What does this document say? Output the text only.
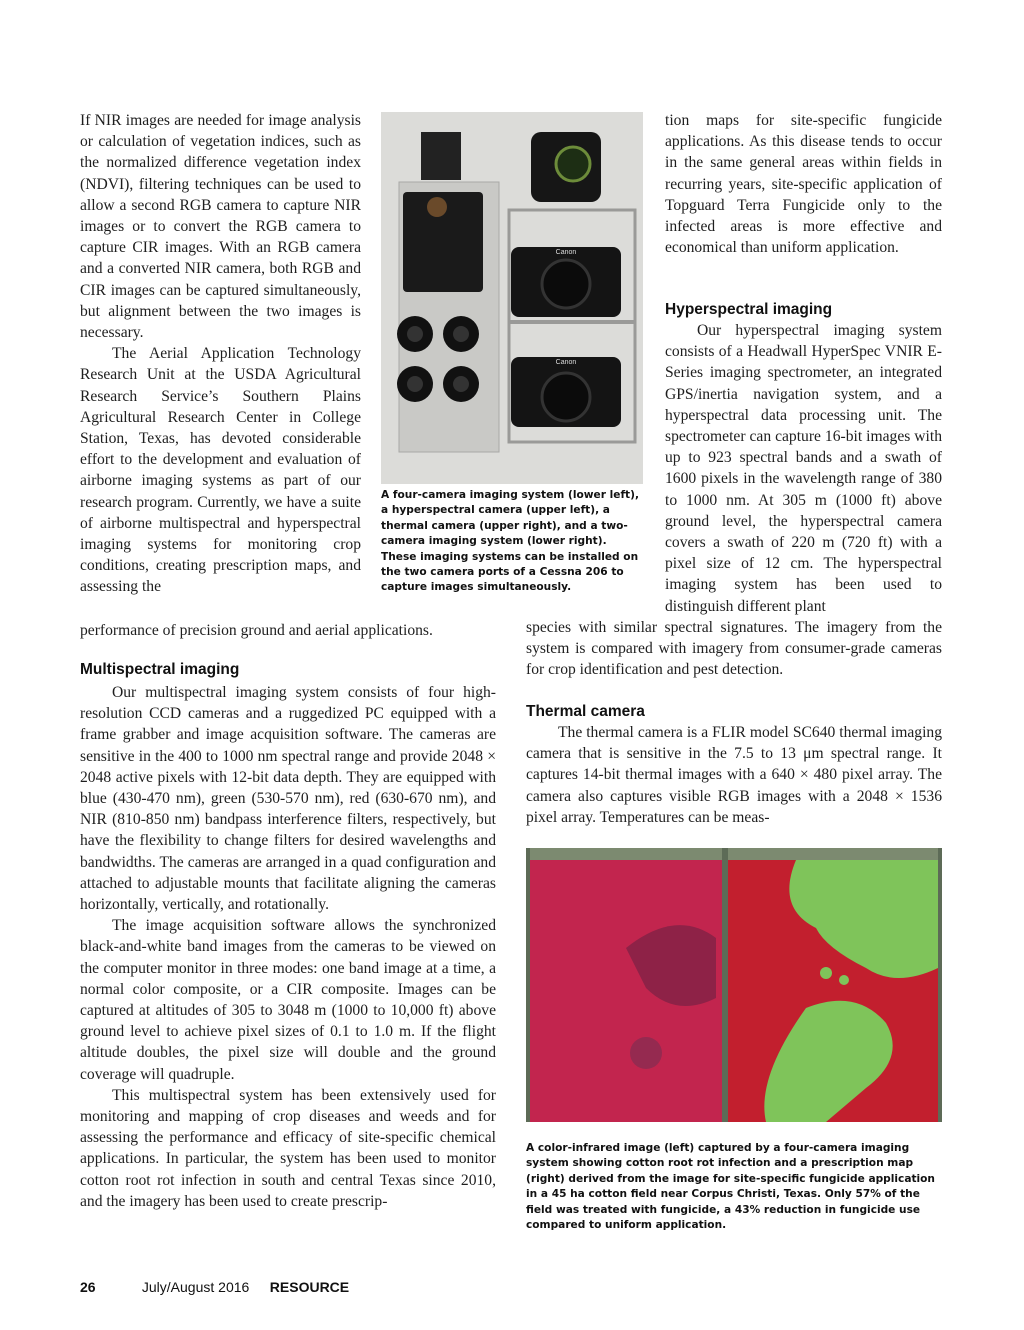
If NIR images are needed for image analysis or calculation of vegetation indices, such as the normalized difference vegetation index (NDVI), filtering techniques can be used to allow a second RGB camera to capture NIR images or to convert the RGB camera to capture CIR images. With an RGB camera and a converted NIR camera, both RGB and CIR images can be captured simultaneously, but alignment between the two images is necessary.

The Aerial Application Technology Research Unit at the USDA Agricultural Research Service’s Southern Plains Agricultural Research Center in College Station, Texas, has devoted considerable effort to the development and evaluation of airborne imaging systems as part of our research program. Currently, we have a suite of airborne multispectral and hyperspectral imaging systems for monitoring crop conditions, creating prescription maps, and assessing the

performance of precision ground and aerial applications.
Canon
Canon
A four-camera imaging system (lower left), a hyperspectral camera (upper left), a thermal camera (upper right), and a two-camera imaging system (lower right). These imaging systems can be installed on the two camera ports of a Cessna 206 to capture images simultaneously.

tion maps for site-specific fungicide applications. As this disease tends to occur in the same general areas within fields in recurring years, site-specific application of Topguard Terra Fungicide only to the infected areas is more effective and economical than uniform application.

Hyperspectral imaging

Our hyperspectral imaging system consists of a Headwall HyperSpec VNIR E-Series imaging spectrometer, an integrated GPS/inertia navigation system, and a hyperspectral data processing unit. The spectrometer can capture 16-bit images with up to 923 spectral bands and a swath of 1600 pixels in the wavelength range of 380 to 1000 nm. At 305 m (1000 ft) above ground level, the hyperspectral camera covers a swath of 220 m (720 ft) with a pixel size of 12 cm. The hyperspectral imaging system has been used to distinguish different plant

species with similar spectral signatures. The imagery from the system is compared with imagery from consumer-grade cameras for crop identification and pest detection.
Multispectral imaging

Our multispectral imaging system consists of four high-resolution CCD cameras and a ruggedized PC equipped with a frame grabber and image acquisition software. The cameras are sensitive in the 400 to 1000 nm spectral range and provide 2048 × 2048 active pixels with 12-bit data depth. They are equipped with blue (430-470 nm), green (530-570 nm), red (630-670 nm), and NIR (810-850 nm) bandpass interference filters, respectively, but have the flexibility to change filters for desired wavelengths and bandwidths. The cameras are arranged in a quad configuration and attached to adjustable mounts that facilitate aligning the cameras horizontally, vertically, and rotationally.

The image acquisition software allows the synchronized black-and-white band images from the cameras to be viewed on the computer monitor in three modes: one band image at a time, a normal color composite, or a CIR composite. Images can be captured at altitudes of 305 to 3048 m (1000 to 10,000 ft) above ground level to achieve pixel sizes of 0.1 to 1.0 m. If the flight altitude doubles, the pixel size will double and the ground coverage will quadruple.

This multispectral system has been extensively used for monitoring and mapping of crop diseases and weeds and for assessing the performance and efficacy of site-specific chemical applications. In particular, the system has been used to monitor cotton root rot infection in south and central Texas since 2010, and the imagery has been used to create prescrip-

Thermal camera

The thermal camera is a FLIR model SC640 thermal imaging camera that is sensitive in the 7.5 to 13 μm spectral range. It captures 14-bit thermal images with a 640 × 480 pixel array. The camera also captures visible RGB images with a 2048 × 1536 pixel array. Temperatures can be meas-

A color-infrared image (left) captured by a four-camera imaging system showing cotton root rot infection and a prescription map (right) derived from the image for site-specific fungicide application in a 45 ha cotton field near Corpus Christi, Texas. Only 57% of the field was treated with fungicide, a 43% reduction in fungicide use compared to uniform application.
26	July/August 2016 RESOURCE
